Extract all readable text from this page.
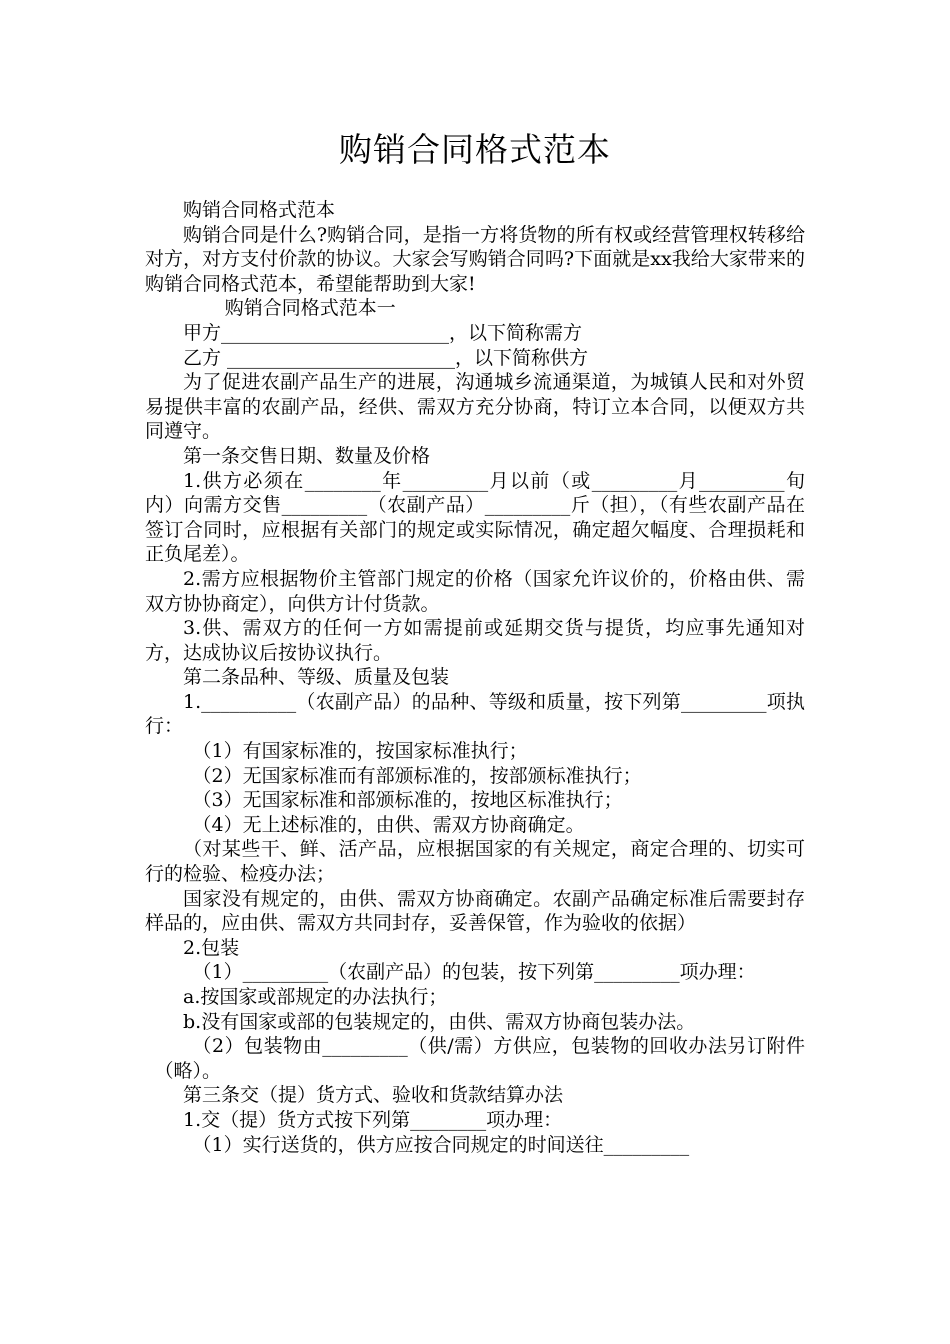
购销合同格式范本

购销合同格式范本

购销合同是什么?购销合同，是指一方将货物的所有权或经营管理权转移给对方，对方支付价款的协议。大家会写购销合同吗?下面就是xx我给大家带来的购销合同格式范本，希望能帮助到大家!

购销合同格式范本一

甲方________________________，以下简称需方

乙方 ________________________，以下简称供方

为了促进农副产品生产的进展，沟通城乡流通渠道，为城镇人民和对外贸易提供丰富的农副产品，经供、需双方充分协商，特订立本合同，以便双方共同遵守。

第一条交售日期、数量及价格

1.供方必须在________年_________月以前（或_________月_________旬内）向需方交售_________（农副产品）_________斤（担），（有些农副产品在签订合同时，应根据有关部门的规定或实际情况，确定超欠幅度、合理损耗和正负尾差）。

2.需方应根据物价主管部门规定的价格（国家允许议价的，价格由供、需双方协协商定），向供方计付货款。

3.供、需双方的任何一方如需提前或延期交货与提货，均应事先通知对方，达成协议后按协议执行。

第二条品种、等级、质量及包装

1.__________（农副产品）的品种、等级和质量，按下列第_________项执行：

（1）有国家标准的，按国家标准执行；

（2）无国家标准而有部颁标准的，按部颁标准执行；

（3）无国家标准和部颁标准的，按地区标准执行；

（4）无上述标准的，由供、需双方协商确定。

（对某些干、鲜、活产品，应根据国家的有关规定，商定合理的、切实可行的检验、检疫办法；

国家没有规定的，由供、需双方协商确定。农副产品确定标准后需要封存样品的，应由供、需双方共同封存，妥善保管，作为验收的依据）

2.包装

（1）_________（农副产品）的包装，按下列第_________项办理：

a.按国家或部规定的办法执行；

b.没有国家或部的包装规定的，由供、需双方协商包装办法。

（2）包装物由_________（供/需）方供应，包装物的回收办法另订附件（略）。

第三条交（提）货方式、验收和货款结算办法

1.交（提）货方式按下列第________项办理：

（1）实行送货的，供方应按合同规定的时间送往_________
